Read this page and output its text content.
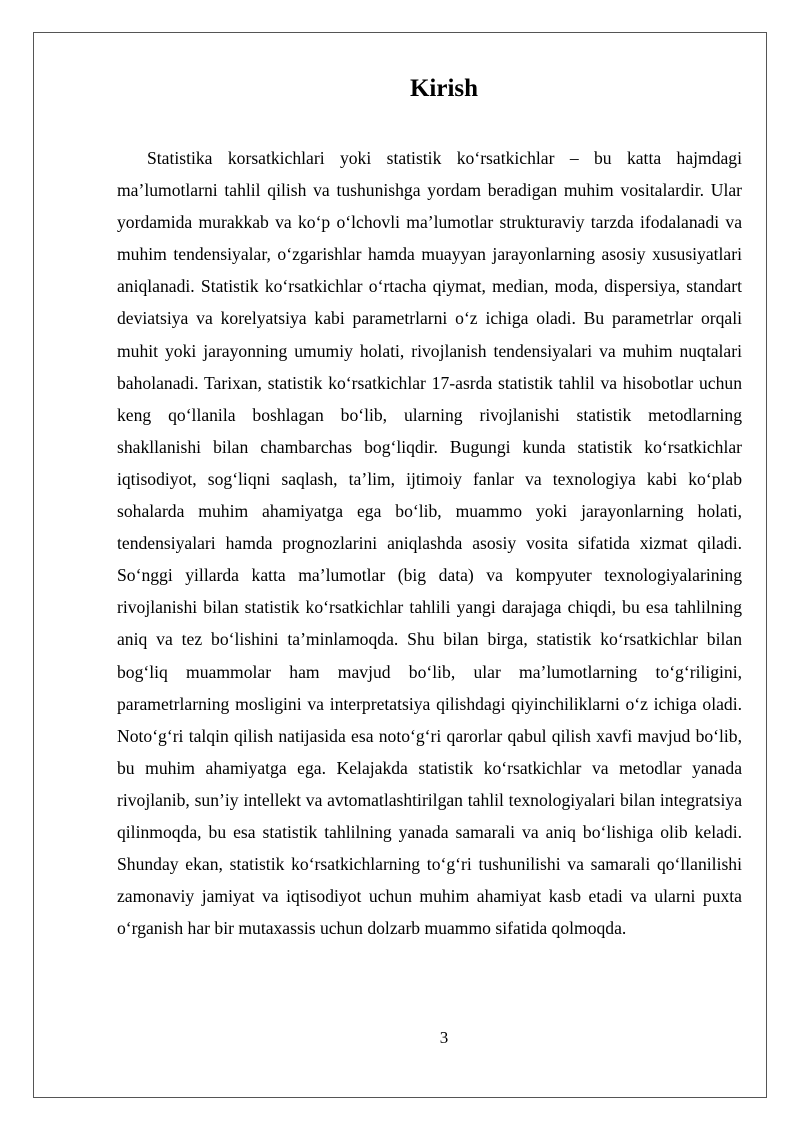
Kirish

Statistika korsatkichlari yoki statistik ko‘rsatkichlar – bu katta hajmdagi ma’lumotlarni tahlil qilish va tushunishga yordam beradigan muhim vositalardir. Ular yordamida murakkab va ko‘p o‘lchovli ma’lumotlar strukturaviy tarzda ifodalanadi va muhim tendensiyalar, o‘zgarishlar hamda muayyan jarayonlarning asosiy xususiyatlari aniqlanadi. Statistik ko‘rsatkichlar o‘rtacha qiymat, median, moda, dispersiya, standart deviatsiya va korelyatsiya kabi parametrlarni o‘z ichiga oladi. Bu parametrlar orqali muhit yoki jarayonning umumiy holati, rivojlanish tendensiyalari va muhim nuqtalari baholanadi. Tarixan, statistik ko‘rsatkichlar 17-asrda statistik tahlil va hisobotlar uchun keng qo‘llanila boshlagan bo‘lib, ularning rivojlanishi statistik metodlarning shakllanishi bilan chambarchas bog‘liqdir. Bugungi kunda statistik ko‘rsatkichlar iqtisodiyot, sog‘liqni saqlash, ta’lim, ijtimoiy fanlar va texnologiya kabi ko‘plab sohalarda muhim ahamiyatga ega bo‘lib, muammo yoki jarayonlarning holati, tendensiyalari hamda prognozlarini aniqlashda asosiy vosita sifatida xizmat qiladi. So‘nggi yillarda katta ma’lumotlar (big data) va kompyuter texnologiyalarining rivojlanishi bilan statistik ko‘rsatkichlar tahlili yangi darajaga chiqdi, bu esa tahlilning aniq va tez bo‘lishini ta’minlamoqda. Shu bilan birga, statistik ko‘rsatkichlar bilan bog‘liq muammolar ham mavjud bo‘lib, ular ma’lumotlarning to‘g‘riligini, parametrlarning mosligini va interpretatsiya qilishdagi qiyinchiliklarni o‘z ichiga oladi. Noto‘g‘ri talqin qilish natijasida esa noto‘g‘ri qarorlar qabul qilish xavfi mavjud bo‘lib, bu muhim ahamiyatga ega. Kelajakda statistik ko‘rsatkichlar va metodlar yanada rivojlanib, sun’iy intellekt va avtomatlashtirilgan tahlil texnologiyalari bilan integratsiya qilinmoqda, bu esa statistik tahlilning yanada samarali va aniq bo‘lishiga olib keladi. Shunday ekan, statistik ko‘rsatkichlarning to‘g‘ri tushunilishi va samarali qo‘llanilishi zamonaviy jamiyat va iqtisodiyot uchun muhim ahamiyat kasb etadi va ularni puxta o‘rganish har bir mutaxassis uchun dolzarb muammo sifatida qolmoqda.

3
